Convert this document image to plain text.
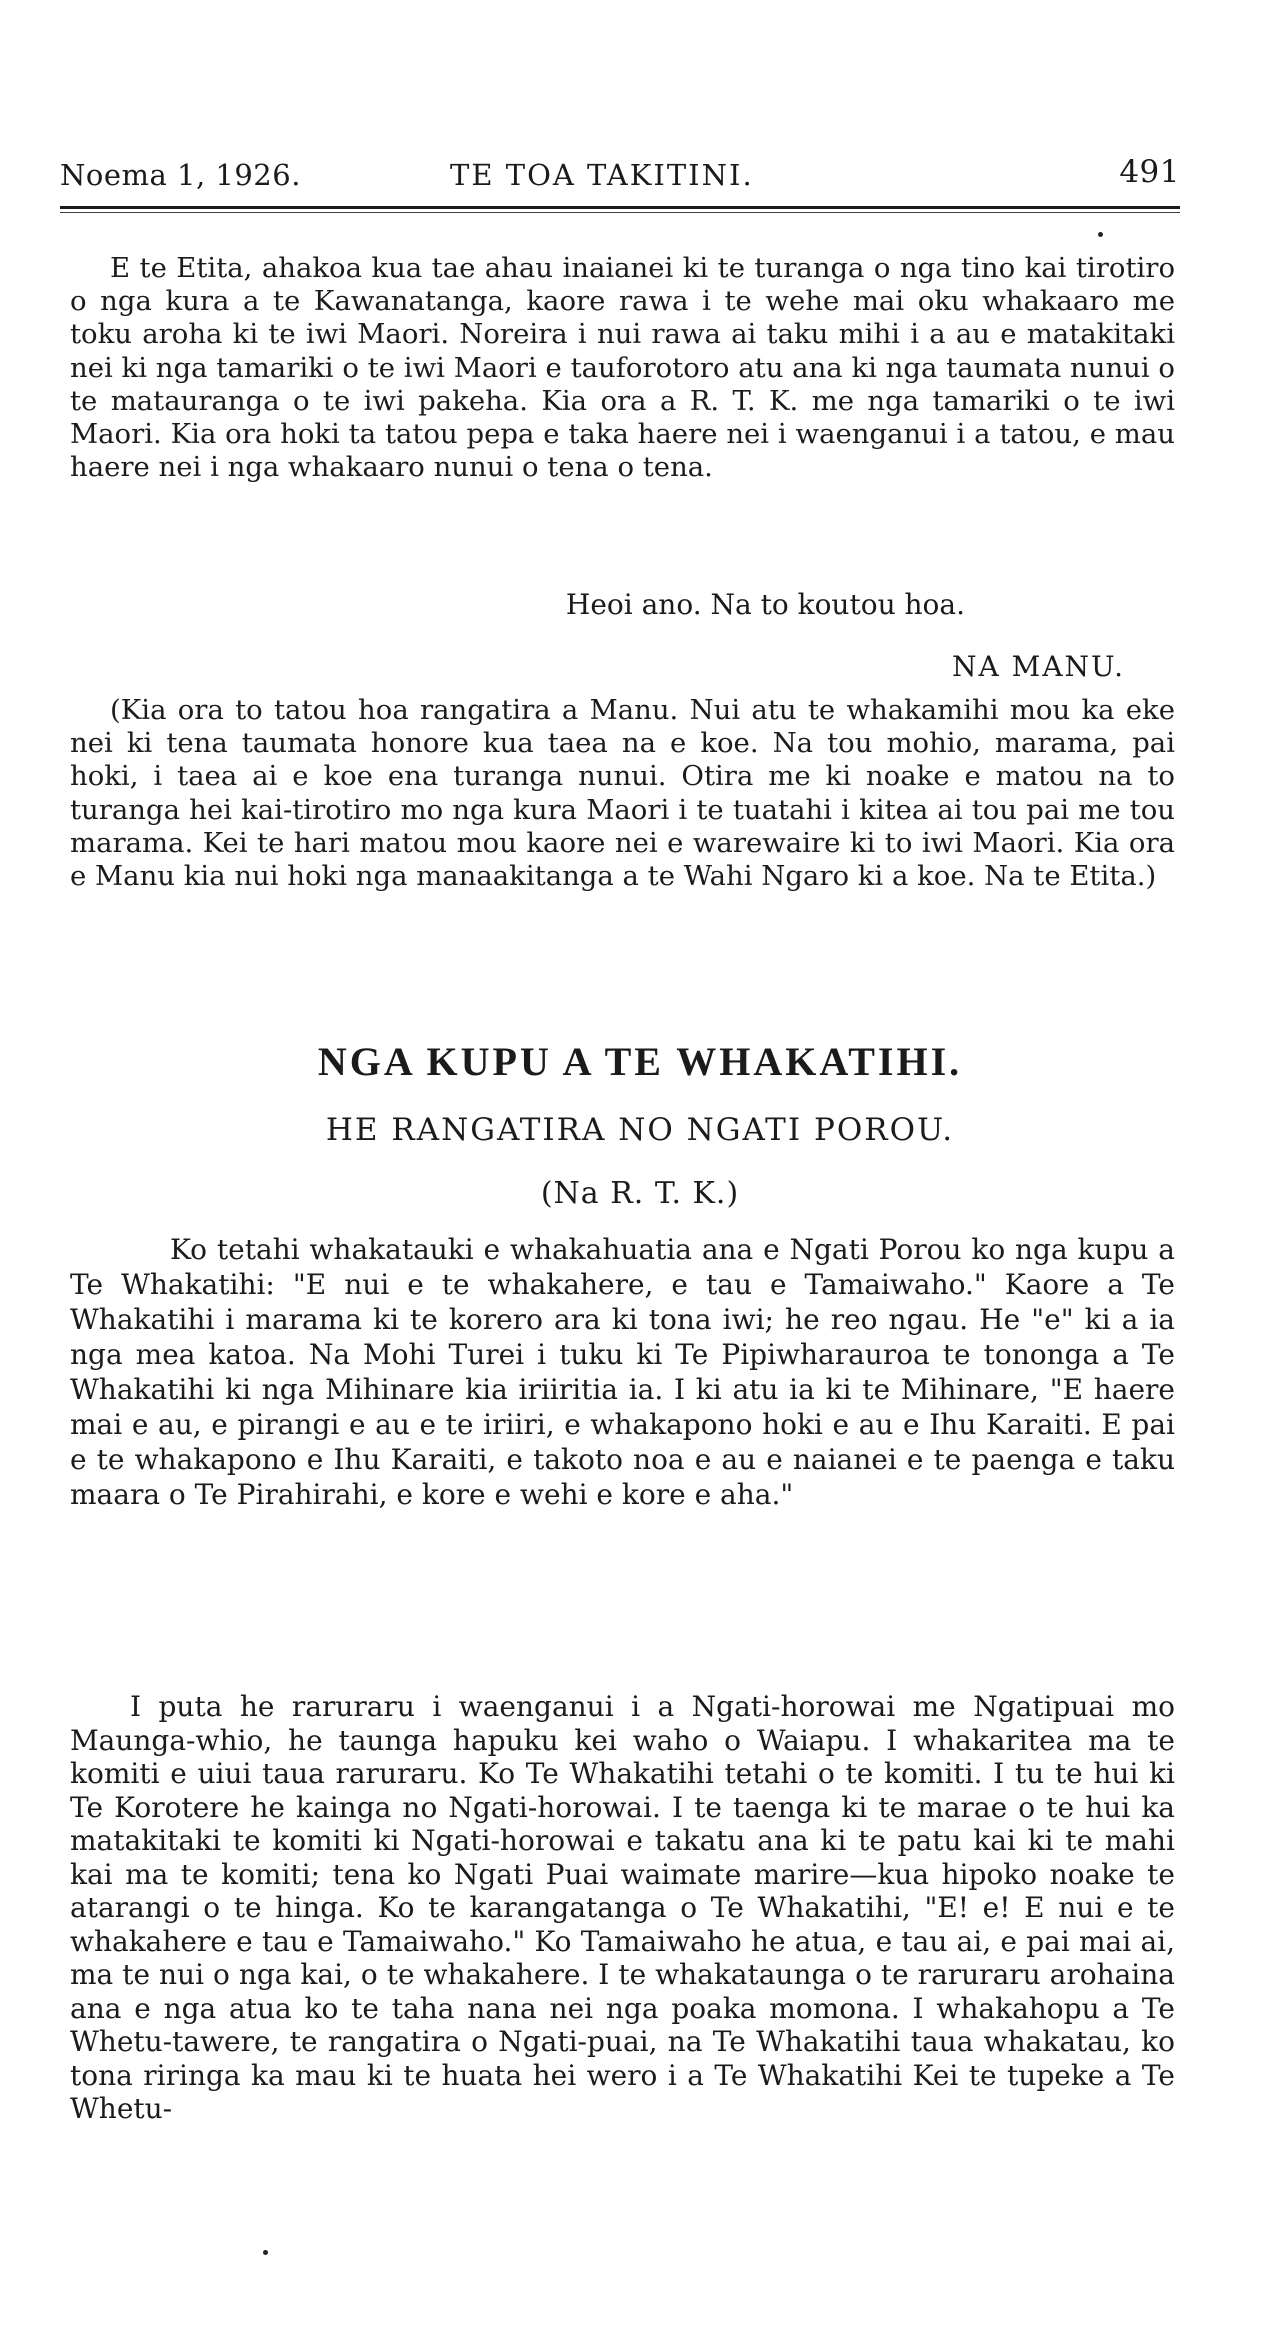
Noema 1, 1926.	TE TOA TAKITINI.	491

E te Etita, ahakoa kua tae ahau inaianei ki te turanga o nga tino kai tirotiro o nga kura a te Kawanatanga, kaore rawa i te wehe mai oku whakaaro me toku aroha ki te iwi Maori. Noreira i nui rawa ai taku mihi i a au e matakitaki nei ki nga tamariki o te iwi Maori e tauforotoro atu ana ki nga taumata nunui o te matauranga o te iwi pakeha. Kia ora a R. T. K. me nga tamariki o te iwi Maori. Kia ora hoki ta tatou pepa e taka haere nei i waenganui i a tatou, e mau haere nei i nga whakaaro nunui o tena o tena.

Heoi ano. Na to koutou hoa.
NA MANU.

(Kia ora to tatou hoa rangatira a Manu. Nui atu te whakamihi mou ka eke nei ki tena taumata honore kua taea na e koe. Na tou mohio, marama, pai hoki, i taea ai e koe ena turanga nunui. Otira me ki noake e matou na to turanga hei kai-tirotiro mo nga kura Maori i te tuatahi i kitea ai tou pai me tou marama. Kei te hari matou mou kaore nei e warewaire ki to iwi Maori. Kia ora e Manu kia nui hoki nga manaakitanga a te Wahi Ngaro ki a koe. Na te Etita.)

NGA KUPU A TE WHAKATIHI.
HE RANGATIRA NO NGATI POROU.
(Na R. T. K.)

Ko tetahi whakatauki e whakahuatia ana e Ngati Porou ko nga kupu a Te Whakatihi: "E nui e te whakahere, e tau e Tamaiwaho." Kaore a Te Whakatihi i marama ki te korero ara ki tona iwi; he reo ngau. He "e" ki a ia nga mea katoa. Na Mohi Turei i tuku ki Te Pipiwharauroa te tononga a Te Whakatihi ki nga Mihinare kia iriiritia ia. I ki atu ia ki te Mihinare, "E haere mai e au, e pirangi e au e te iriiri, e whakapono hoki e au e Ihu Karaiti. E pai e te whakapono e Ihu Karaiti, e takoto noa e au e naianei e te paenga e taku maara o Te Pirahirahi, e kore e wehi e kore e aha."

I puta he raruraru i waenganui i a Ngati-horowai me Ngatipuai mo Maunga-whio, he taunga hapuku kei waho o Waiapu. I whakaritea ma te komiti e uiui taua raruraru. Ko Te Whakatihi tetahi o te komiti. I tu te hui ki Te Korotere he kainga no Ngati-horowai. I te taenga ki te marae o te hui ka matakitaki te komiti ki Ngati-horowai e takatu ana ki te patu kai ki te mahi kai ma te komiti; tena ko Ngati Puai waimate marire—kua hipoko noake te atarangi o te hinga. Ko te karangatanga o Te Whakatihi, "E! e! E nui e te whakahere e tau e Tamaiwaho." Ko Tamaiwaho he atua, e tau ai, e pai mai ai, ma te nui o nga kai, o te whakahere. I te whakataunga o te raruraru arohaina ana e nga atua ko te taha nana nei nga poaka momona. I whakahopu a Te Whetu-tawere, te rangatira o Ngati-puai, na Te Whakatihi taua whakatau, ko tona riringa ka mau ki te huata hei wero i a Te Whakatihi Kei te tupeke a Te Whetu-
